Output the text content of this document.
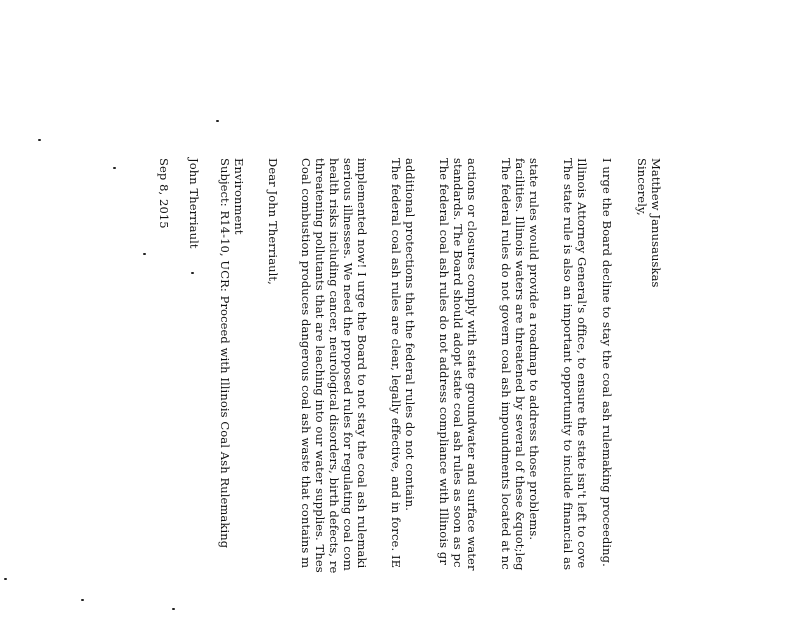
Sep 8, 2015 John Therriault Subject: R14-10, UCR: Proceed with Illinois Coal Ash Rulemaking Environment Dear John Therriault, Coal combustion produces dangerous coal ash waste that contains m threatening pollutants that are leaching into our water supplies. Thes health risks including cancer, neurological disorders, birth defects, re serious illnesses. We need the proposed rules for regulating coal com implemented now! I urge the Board to not stay the coal ash rulemaki The federal coal ash rules are clear, legally effective, and in force. IE additional protections that the federal rules do not contain. The federal coal ash rules do not address compliance with Illinois gr standards. The Board should adopt state coal ash rules as soon as pc actions or closures comply with state groundwater and surface water The federal rules do not govern coal ash impoundments located at nc facilities. Illinois waters are threatened by several of these &quot;leg state rules would provide a roadmap to address those problems. The state rule is also an important opportunity to include financial as Illinois Attorney General's office, to ensure the state isn't left to cove I urge the Board decline to stay the coal ash rulemaking proceeding. Sincerely, Matthew Janusauskas
